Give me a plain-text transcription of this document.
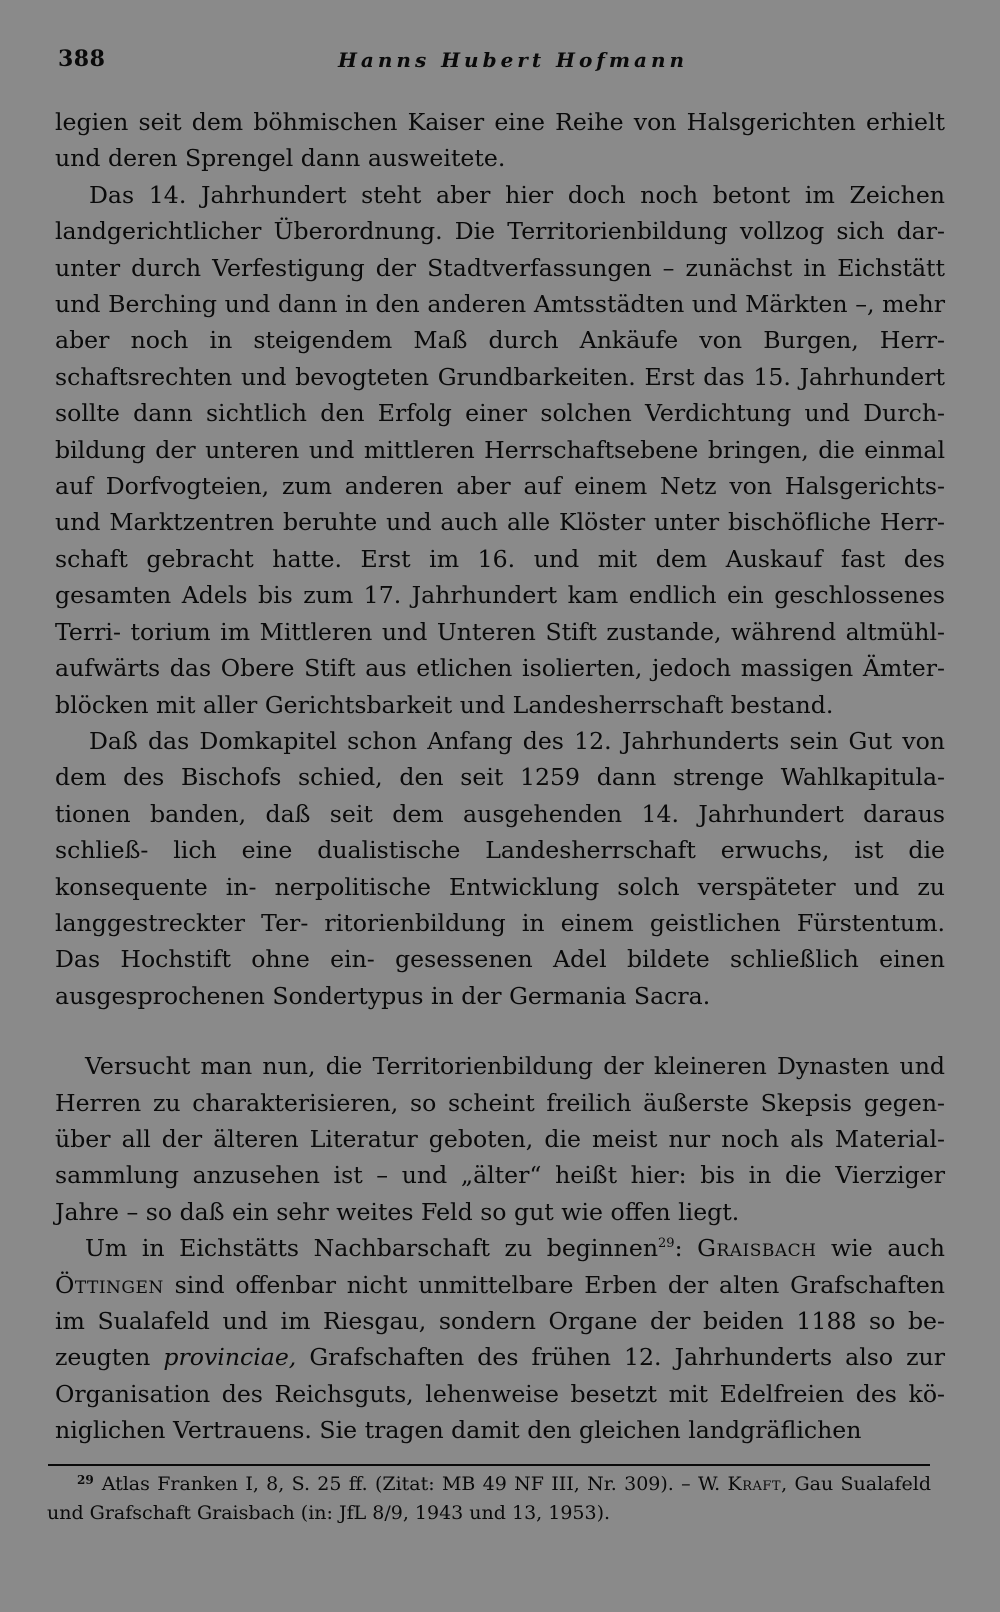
388	Hanns Hubert Hofmann

legien seit dem böhmischen Kaiser eine Reihe von Halsgerichten erhielt und deren Sprengel dann ausweitete.

Das 14. Jahrhundert steht aber hier doch noch betont im Zeichen landgerichtlicher Überordnung. Die Territorienbildung vollzog sich dar- unter durch Verfestigung der Stadtverfassungen – zunächst in Eichstätt und Berching und dann in den anderen Amtsstädten und Märkten –, mehr aber noch in steigendem Maß durch Ankäufe von Burgen, Herr- schaftsrechten und bevogteten Grundbarkeiten. Erst das 15. Jahrhundert sollte dann sichtlich den Erfolg einer solchen Verdichtung und Durch- bildung der unteren und mittleren Herrschaftsebene bringen, die einmal auf Dorfvogteien, zum anderen aber auf einem Netz von Halsgerichts- und Marktzentren beruhte und auch alle Klöster unter bischöfliche Herr- schaft gebracht hatte. Erst im 16. und mit dem Auskauf fast des gesamten Adels bis zum 17. Jahrhundert kam endlich ein geschlossenes Terri- torium im Mittleren und Unteren Stift zustande, während altmühl- aufwärts das Obere Stift aus etlichen isolierten, jedoch massigen Ämter- blöcken mit aller Gerichtsbarkeit und Landesherrschaft bestand.

Daß das Domkapitel schon Anfang des 12. Jahrhunderts sein Gut von dem des Bischofs schied, den seit 1259 dann strenge Wahlkapitula- tionen banden, daß seit dem ausgehenden 14. Jahrhundert daraus schließ- lich eine dualistische Landesherrschaft erwuchs, ist die konsequente in- nerpolitische Entwicklung solch verspäteter und zu langgestreckter Ter- ritorienbildung in einem geistlichen Fürstentum. Das Hochstift ohne ein- gesessenen Adel bildete schließlich einen ausgesprochenen Sondertypus in der Germania Sacra.

Versucht man nun, die Territorienbildung der kleineren Dynasten und Herren zu charakterisieren, so scheint freilich äußerste Skepsis gegen- über all der älteren Literatur geboten, die meist nur noch als Material- sammlung anzusehen ist – und „älter“ heißt hier: bis in die Vierziger Jahre – so daß ein sehr weites Feld so gut wie offen liegt.

Um in Eichstätts Nachbarschaft zu beginnen$^{29}$: Graisbach wie auch Öttingen sind offenbar nicht unmittelbare Erben der alten Grafschaften im Sualafeld und im Riesgau, sondern Organe der beiden 1188 so be- zeugten provinciae, Grafschaften des frühen 12. Jahrhunderts also zur Organisation des Reichsguts, lehenweise besetzt mit Edelfreien des kö- niglichen Vertrauens. Sie tragen damit den gleichen landgräflichen

$^{29}$ Atlas Franken I, 8, S. 25 ff. (Zitat: MB 49 NF III, Nr. 309). – W. Kraft, Gau Sualafeld und Grafschaft Graisbach (in: JfL 8/9, 1943 und 13, 1953).
